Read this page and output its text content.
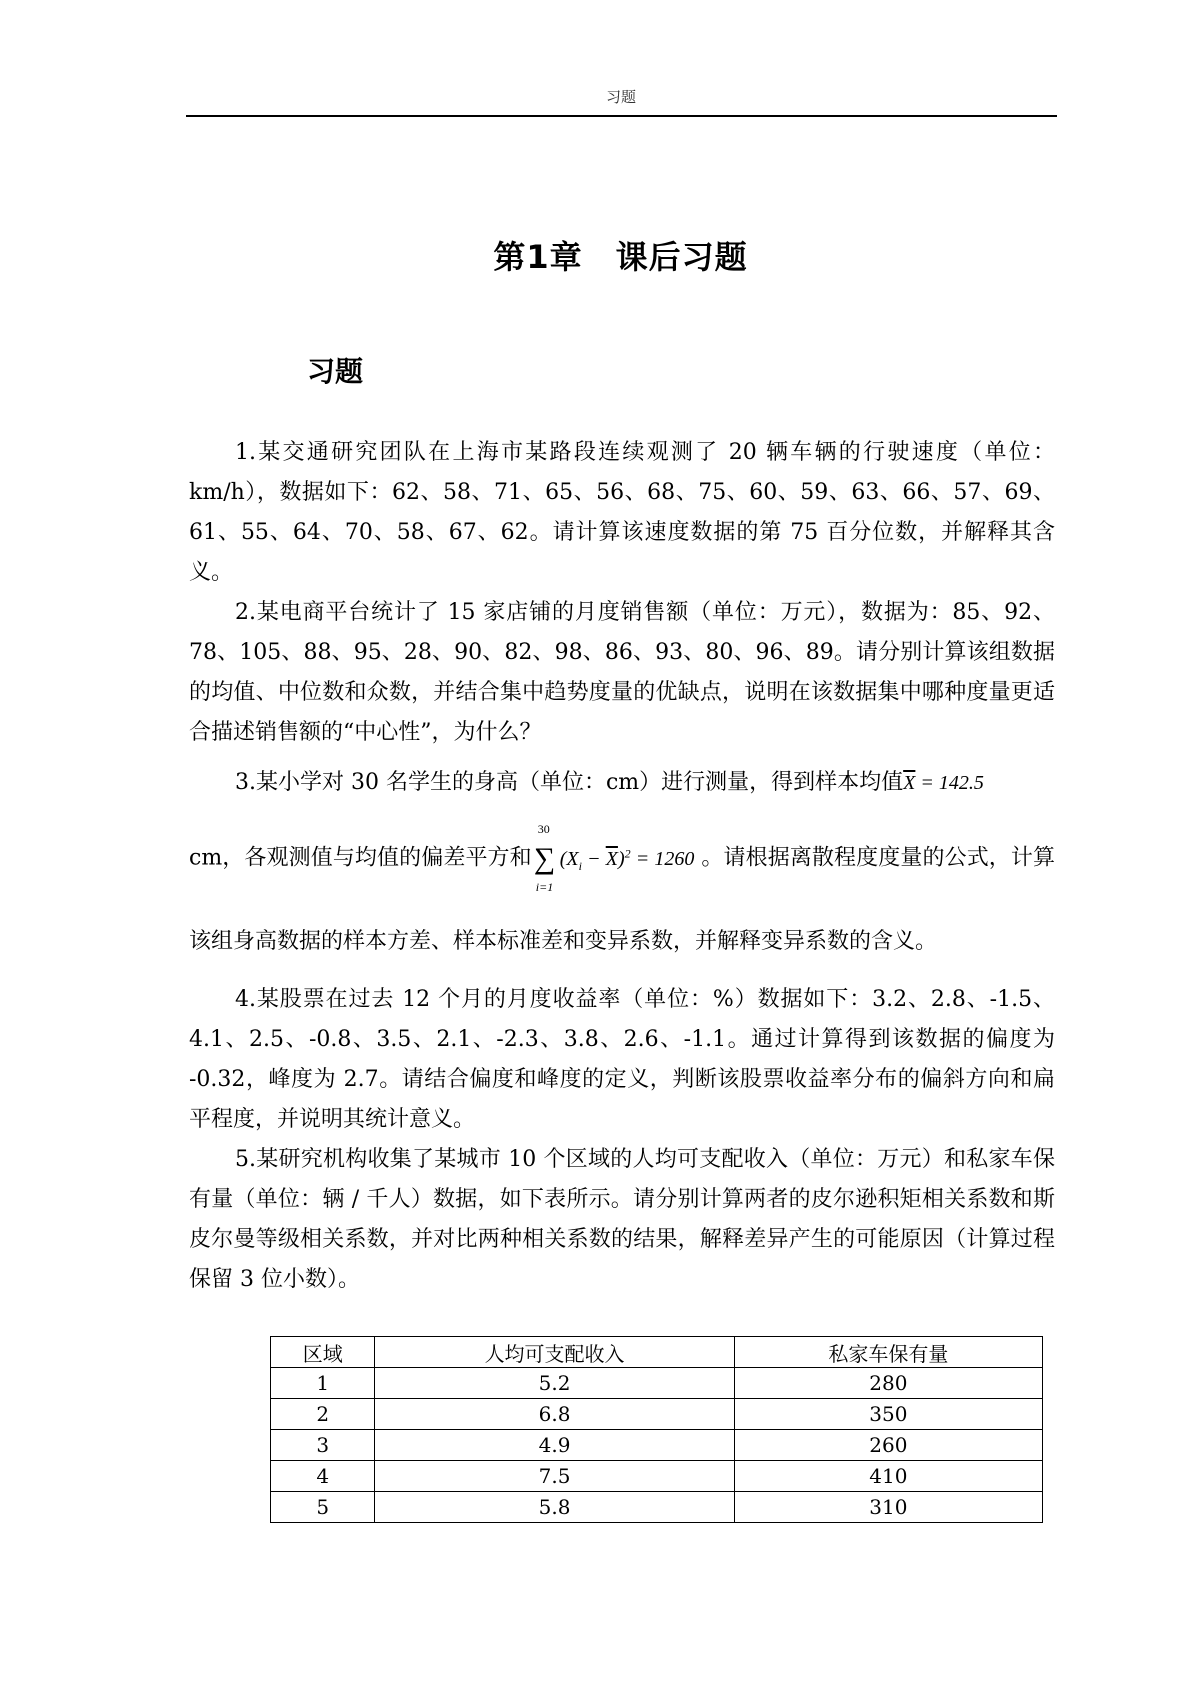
习题
第1章　课后习题
习题

1.某交通研究团队在上海市某路段连续观测了 20 辆车辆的行驶速度（单位：km/h），数据如下：62、58、71、65、56、68、75、60、59、63、66、57、69、61、55、64、70、58、67、62。请计算该速度数据的第 75 百分位数，并解释其含义。

2.某电商平台统计了 15 家店铺的月度销售额（单位：万元），数据为：85、92、78、105、88、95、28、90、82、98、86、93、80、96、89。请分别计算该组数据的均值、中位数和众数，并结合集中趋势度量的优缺点，说明在该数据集中哪种度量更适合描述销售额的“中心性”，为什么？

3.某小学对 30 名学生的身高（单位：cm）进行测量，得到样本均值$\overline{X} = 142.5$

cm，各观测值与均值的偏差平方和
30
∑
i=1
$(X_i - \overline{X})^2 = 1260$ 。请根据离散程度度量的公式，计算该组身高数据的样本方差、样本标准差和变异系数，并解释变异系数的含义。

4.某股票在过去 12 个月的月度收益率（单位：%）数据如下：3.2、2.8、-1.5、4.1、2.5、-0.8、3.5、2.1、-2.3、3.8、2.6、-1.1。通过计算得到该数据的偏度为 -0.32，峰度为 2.7。请结合偏度和峰度的定义，判断该股票收益率分布的偏斜方向和扁平程度，并说明其统计意义。

5.某研究机构收集了某城市 10 个区域的人均可支配收入（单位：万元）和私家车保有量（单位：辆 / 千人）数据，如下表所示。请分别计算两者的皮尔逊积矩相关系数和斯皮尔曼等级相关系数，并对比两种相关系数的结果，解释差异产生的可能原因（计算过程保留 3 位小数）。

区域	人均可支配收入	私家车保有量
1	5.2	280
2	6.8	350
3	4.9	260
4	7.5	410
5	5.8	310
